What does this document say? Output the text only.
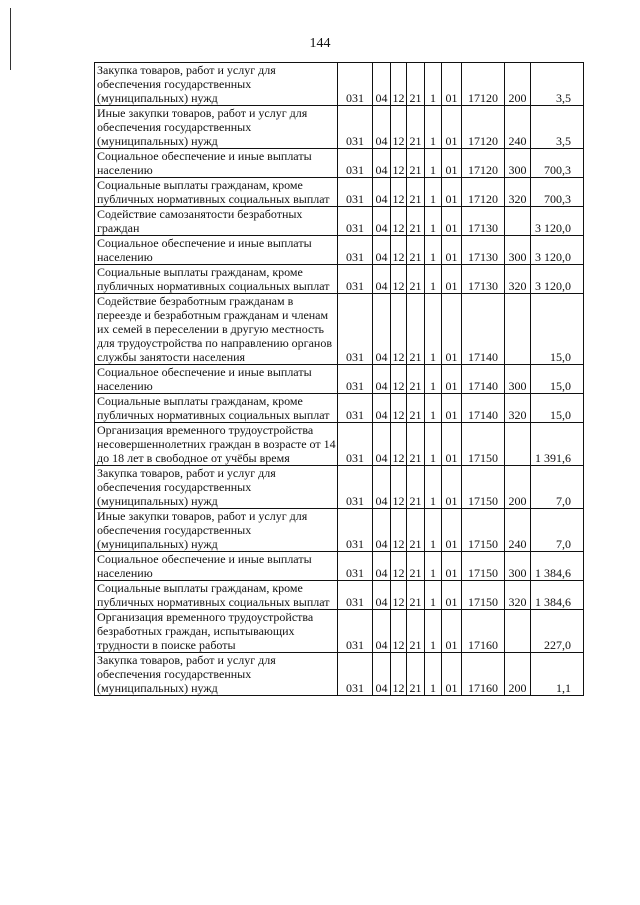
144
Закупка товаров, работ и услуг для обеспечения государственных (муниципальных) нужд	031	04	12	21	1	01	17120	200	3,5
Иные закупки товаров, работ и услуг для обеспечения государственных (муниципальных) нужд	031	04	12	21	1	01	17120	240	3,5
Социальное обеспечение и иные выплаты населению	031	04	12	21	1	01	17120	300	700,3
Социальные выплаты гражданам, кроме публичных нормативных социальных выплат	031	04	12	21	1	01	17120	320	700,3
Содействие самозанятости безработных граждан	031	04	12	21	1	01	17130		3 120,0
Социальное обеспечение и иные выплаты населению	031	04	12	21	1	01	17130	300	3 120,0
Социальные выплаты гражданам, кроме публичных нормативных социальных выплат	031	04	12	21	1	01	17130	320	3 120,0
Содействие безработным гражданам в переезде и безработным гражданам и членам их семей в переселении в другую местность для трудоустройства по направлению органов службы занятости населения	031	04	12	21	1	01	17140		15,0
Социальное обеспечение и иные выплаты населению	031	04	12	21	1	01	17140	300	15,0
Социальные выплаты гражданам, кроме публичных нормативных социальных выплат	031	04	12	21	1	01	17140	320	15,0
Организация временного трудоустройства несовершеннолетних граждан в возрасте от 14 до 18 лет в свободное от учёбы время	031	04	12	21	1	01	17150		1 391,6
Закупка товаров, работ и услуг для обеспечения государственных (муниципальных) нужд	031	04	12	21	1	01	17150	200	7,0
Иные закупки товаров, работ и услуг для обеспечения государственных (муниципальных) нужд	031	04	12	21	1	01	17150	240	7,0
Социальное обеспечение и иные выплаты населению	031	04	12	21	1	01	17150	300	1 384,6
Социальные выплаты гражданам, кроме публичных нормативных социальных выплат	031	04	12	21	1	01	17150	320	1 384,6
Организация временного трудоустройства безработных граждан, испытывающих трудности в поиске работы	031	04	12	21	1	01	17160		227,0
Закупка товаров, работ и услуг для обеспечения государственных (муниципальных) нужд	031	04	12	21	1	01	17160	200	1,1
